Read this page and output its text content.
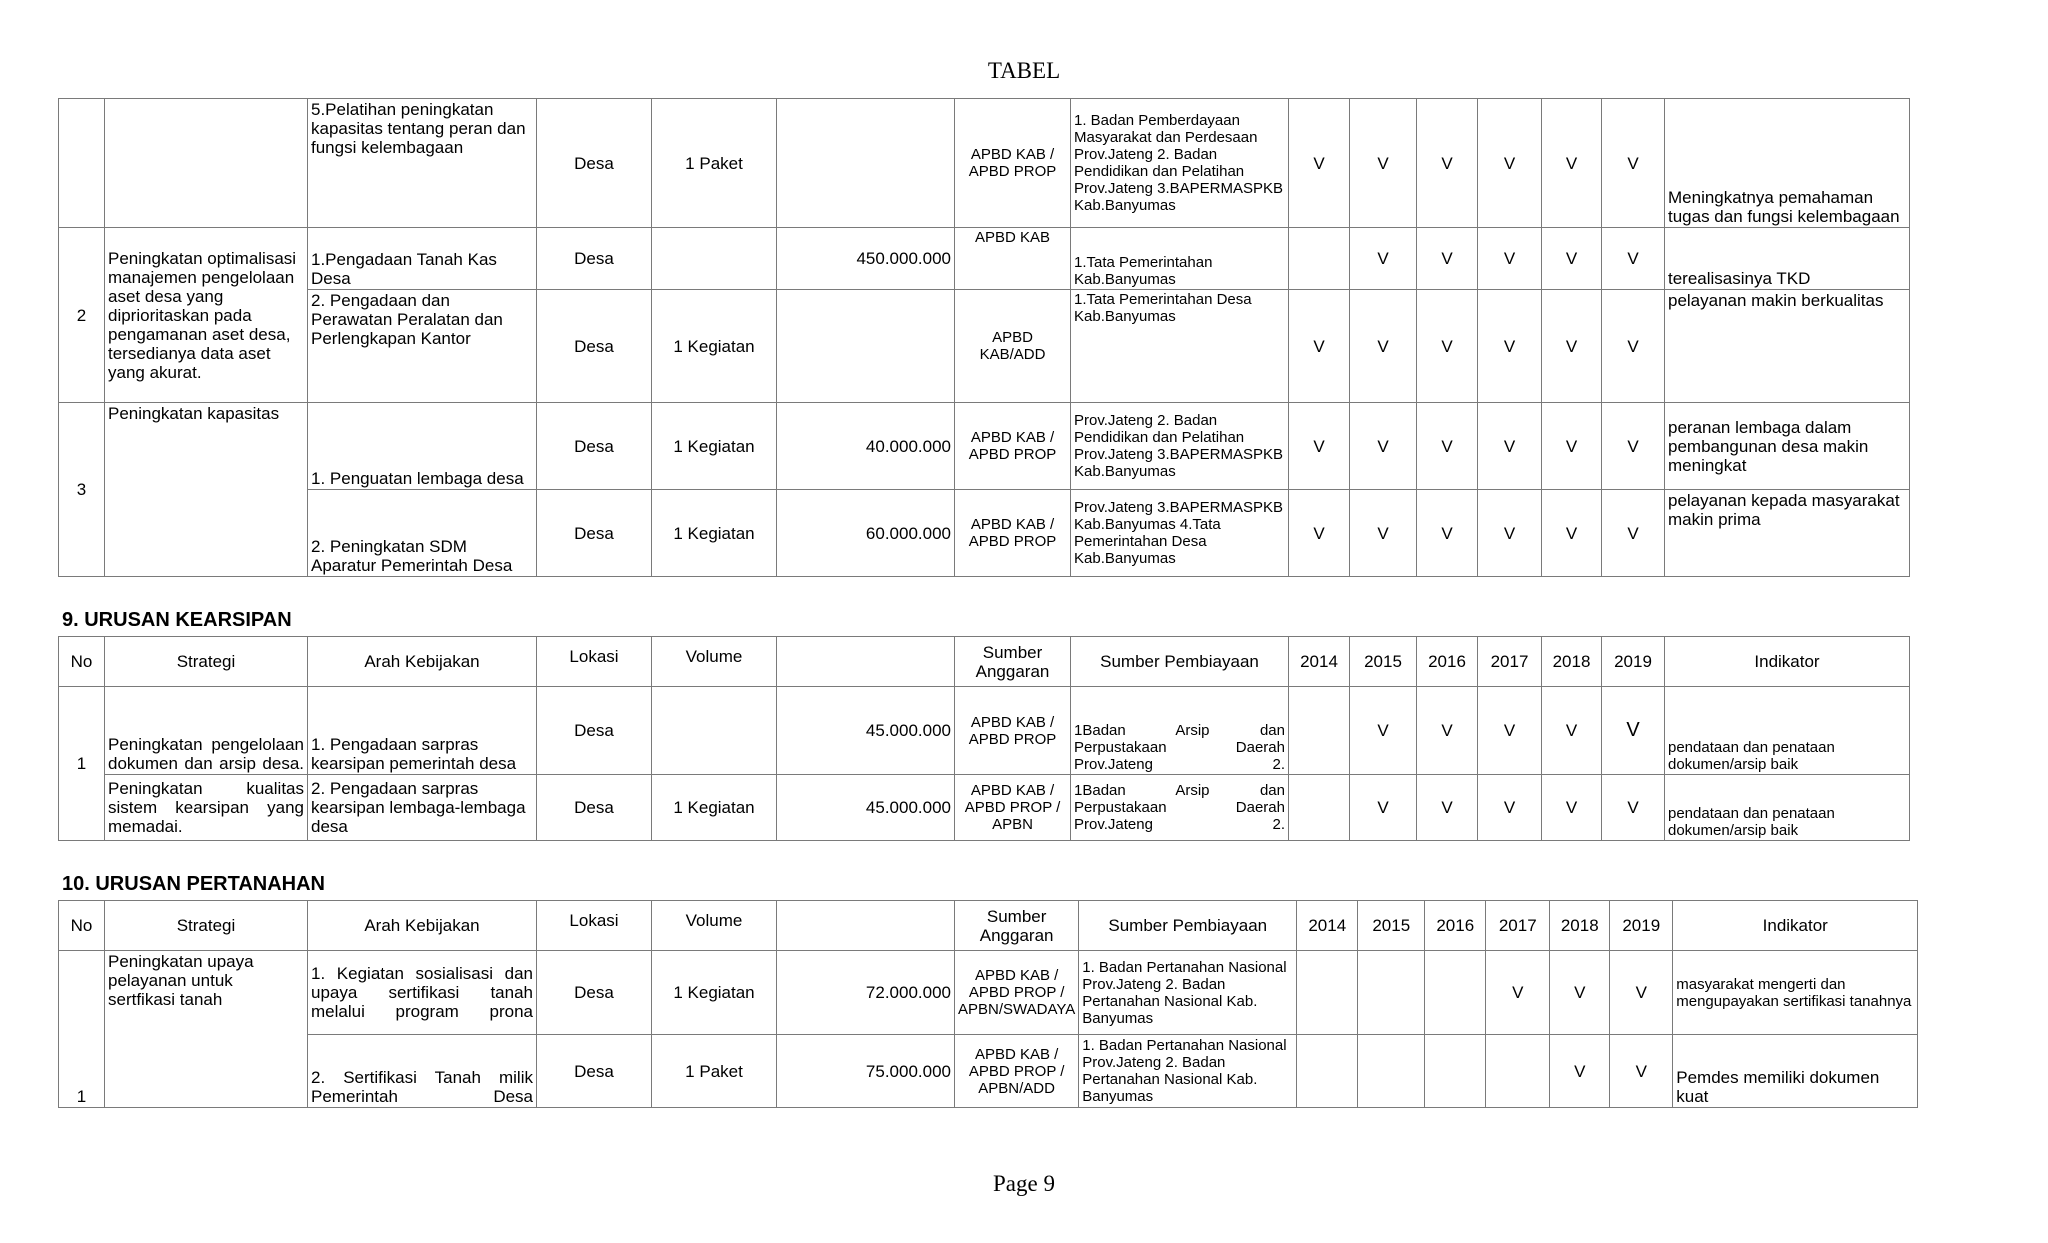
TABEL
		5.Pelatihan peningkatan kapasitas tentang peran dan fungsi kelembagaan	Desa	1 Paket		APBD KAB / APBD PROP	1. Badan Pemberdayaan Masyarakat dan Perdesaan Prov.Jateng 2. Badan Pendidikan dan Pelatihan Prov.Jateng 3.BAPERMASPKB Kab.Banyumas	V	V	V	V	V	V	Meningkatnya pemahaman tugas dan fungsi kelembagaan
2	Peningkatan optimalisasi manajemen pengelolaan aset desa yang diprioritaskan pada pengamanan aset desa, tersedianya data aset yang akurat.	1.Pengadaan Tanah Kas Desa	Desa		450.000.000	APBD KAB	1.Tata Pemerintahan Kab.Banyumas		V	V	V	V	V	terealisasinya TKD
		2. Pengadaan dan Perawatan Peralatan dan Perlengkapan Kantor	Desa	1 Kegiatan		APBD KAB/ADD	1.Tata Pemerintahan Desa Kab.Banyumas	V	V	V	V	V	V	pelayanan makin berkualitas
3	Peningkatan kapasitas	1. Penguatan lembaga desa	Desa	1 Kegiatan	40.000.000	APBD KAB / APBD PROP	Prov.Jateng 2. Badan Pendidikan dan Pelatihan Prov.Jateng 3.BAPERMASPKB Kab.Banyumas	V	V	V	V	V	V	peranan lembaga dalam pembangunan desa makin meningkat
		2. Peningkatan SDM Aparatur Pemerintah Desa	Desa	1 Kegiatan	60.000.000	APBD KAB / APBD PROP	Prov.Jateng 3.BAPERMASPKB Kab.Banyumas 4.Tata Pemerintahan Desa Kab.Banyumas	V	V	V	V	V	V	pelayanan kepada masyarakat makin prima
9. URUSAN KEARSIPAN
No	Strategi	Arah Kebijakan	Lokasi	Volume		Sumber Anggaran	Sumber Pembiayaan	2014	2015	2016	2017	2018	2019	Indikator
1	Peningkatan pengelolaan dokumen dan arsip desa.	1. Pengadaan sarpras kearsipan pemerintah desa	Desa		45.000.000	APBD KAB / APBD PROP	1Badan Arsip dan Perpustakaan Daerah Prov.Jateng 2.		V	V	V	V	V	pendataan dan penataan dokumen/arsip baik
	Peningkatan kualitas sistem kearsipan yang memadai.	2. Pengadaan sarpras kearsipan lembaga-lembaga desa	Desa	1 Kegiatan	45.000.000	APBD KAB / APBD PROP / APBN	1Badan Arsip dan Perpustakaan Daerah Prov.Jateng 2.		V	V	V	V	V	pendataan dan penataan dokumen/arsip baik
10. URUSAN PERTANAHAN
No	Strategi	Arah Kebijakan	Lokasi	Volume		Sumber Anggaran	Sumber Pembiayaan	2014	2015	2016	2017	2018	2019	Indikator
1	Peningkatan upaya pelayanan untuk sertfikasi tanah	1. Kegiatan sosialisasi dan upaya sertifikasi tanah melalui program prona	Desa	1 Kegiatan	72.000.000	APBD KAB / APBD PROP / APBN/SWADAYA	1. Badan Pertanahan Nasional Prov.Jateng 2. Badan Pertanahan Nasional Kab. Banyumas				V	V	V	masyarakat mengerti dan mengupayakan sertifikasi tanahnya
		2. Sertifikasi Tanah milik Pemerintah Desa	Desa	1 Paket	75.000.000	APBD KAB / APBD PROP / APBN/ADD	1. Badan Pertanahan Nasional Prov.Jateng 2. Badan Pertanahan Nasional Kab. Banyumas					V	V	Pemdes memiliki dokumen kuat
Page 9
